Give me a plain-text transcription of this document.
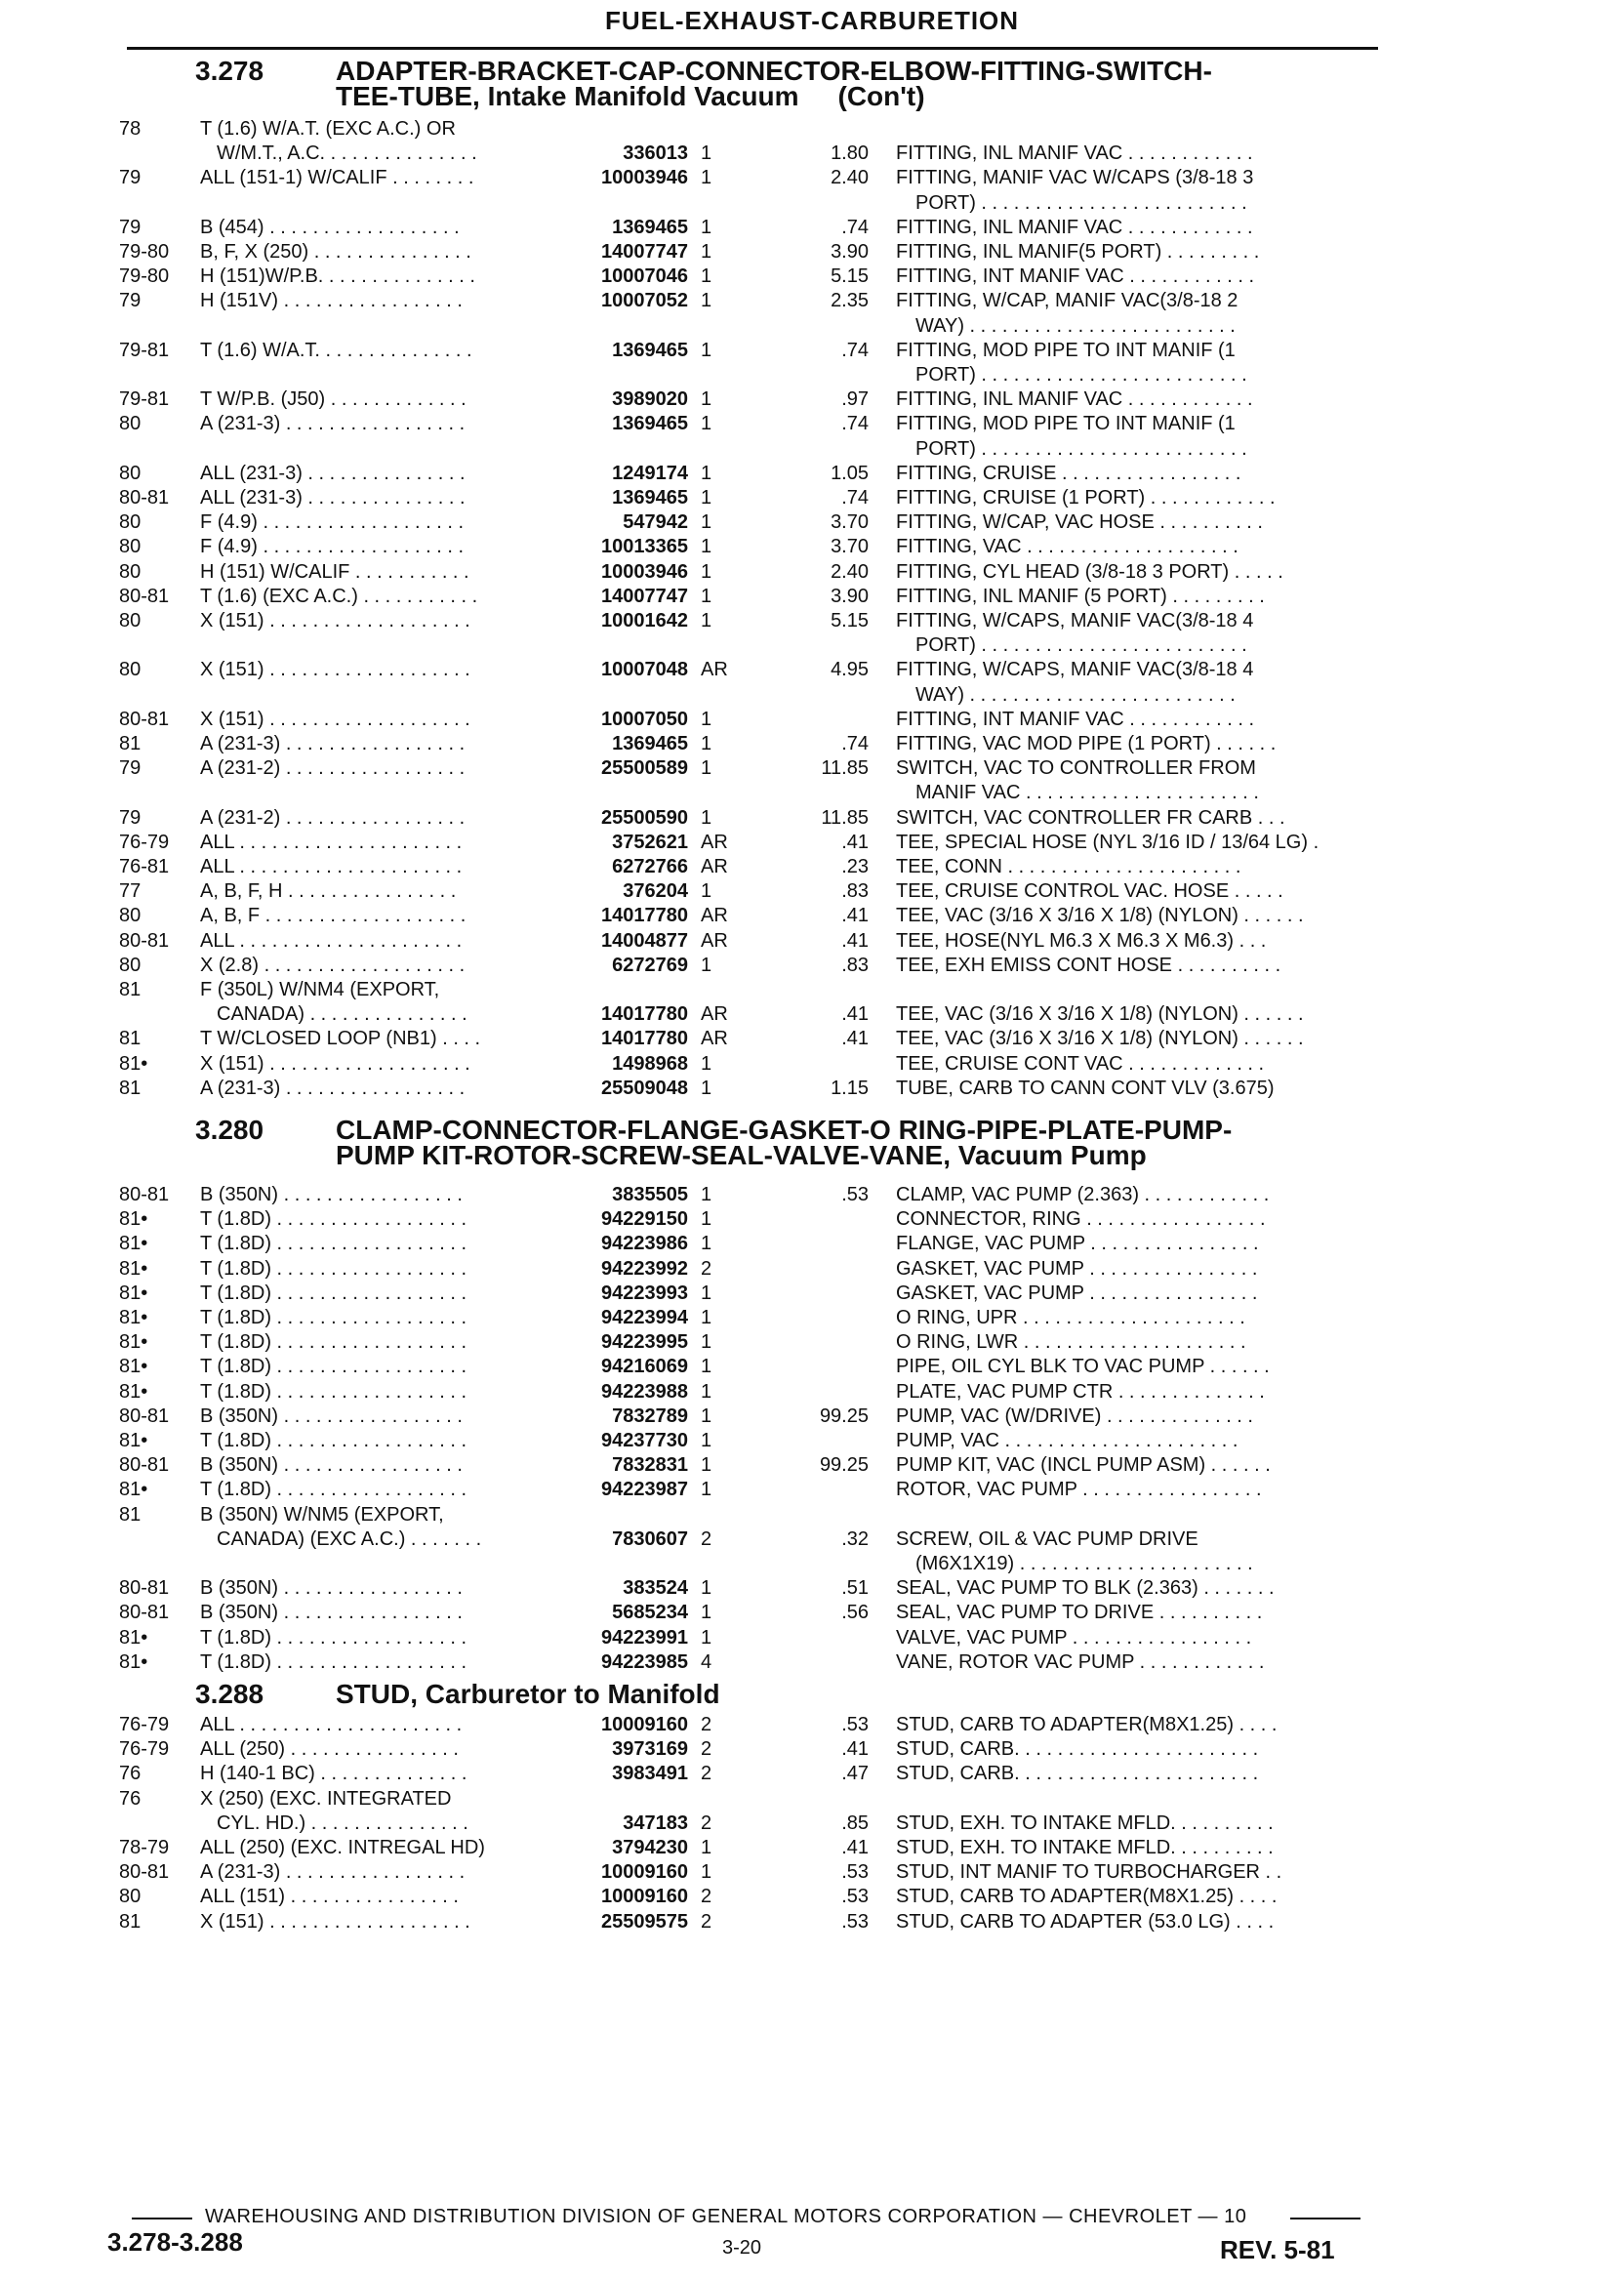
FUEL-EXHAUST-CARBURETION
3.278	ADAPTER-BRACKET-CAP-CONNECTOR-ELBOW-FITTING-SWITCH-
TEE-TUBE, Intake Manifold Vacuum (Con't)
78	T (1.6) W/A.T. (EXC A.C.) OR
W/M.T., A.C. . . . . . . . . . . . . . .	336013 1	1.80 FITTING, INL MANIF VAC . . . . . . . . . . . .
79	ALL (151-1) W/CALIF . . . . . . . .	10003946 1	2.40 FITTING, MANIF VAC W/CAPS (3/8-18 3
PORT) . . . . . . . . . . . . . . . . . . . . . . . . .
79	B (454) . . . . . . . . . . . . . . . . . .	1369465 1	.74 FITTING, INL MANIF VAC . . . . . . . . . . . .
79-80 B, F, X (250) . . . . . . . . . . . . . . .	14007747 1	3.90 FITTING, INL MANIF(5 PORT) . . . . . . . . .
79-80 H (151)W/P.B. . . . . . . . . . . . . . .	10007046 1	5.15 FITTING, INT MANIF VAC . . . . . . . . . . . .
79	H (151V) . . . . . . . . . . . . . . . . .	10007052 1	2.35 FITTING, W/CAP, MANIF VAC(3/8-18 2
WAY) . . . . . . . . . . . . . . . . . . . . . . . . .
79-81 T (1.6) W/A.T. . . . . . . . . . . . . . .	1369465 1	.74 FITTING, MOD PIPE TO INT MANIF (1
PORT) . . . . . . . . . . . . . . . . . . . . . . . . .
79-81 T W/P.B. (J50) . . . . . . . . . . . . .	3989020 1	.97 FITTING, INL MANIF VAC . . . . . . . . . . . .
80	A (231-3) . . . . . . . . . . . . . . . . .	1369465 1	.74 FITTING, MOD PIPE TO INT MANIF (1
PORT) . . . . . . . . . . . . . . . . . . . . . . . . .
80	ALL (231-3) . . . . . . . . . . . . . . .	1249174 1	1.05 FITTING, CRUISE . . . . . . . . . . . . . . . . .
80-81 ALL (231-3) . . . . . . . . . . . . . . .	1369465 1	.74 FITTING, CRUISE (1 PORT) . . . . . . . . . . . .
80	F (4.9) . . . . . . . . . . . . . . . . . . .	547942 1	3.70 FITTING, W/CAP, VAC HOSE . . . . . . . . . .
80	F (4.9) . . . . . . . . . . . . . . . . . . .	10013365 1	3.70 FITTING, VAC . . . . . . . . . . . . . . . . . . . .
80	H (151) W/CALIF . . . . . . . . . . .	10003946 1	2.40 FITTING, CYL HEAD (3/8-18 3 PORT) . . . . .
80-81 T (1.6) (EXC A.C.) . . . . . . . . . . .	14007747 1	3.90 FITTING, INL MANIF (5 PORT) . . . . . . . . .
80	X (151) . . . . . . . . . . . . . . . . . . .	10001642 1	5.15 FITTING, W/CAPS, MANIF VAC(3/8-18 4
PORT) . . . . . . . . . . . . . . . . . . . . . . . . .
80	X (151) . . . . . . . . . . . . . . . . . . .	10007048 AR	4.95 FITTING, W/CAPS, MANIF VAC(3/8-18 4
WAY) . . . . . . . . . . . . . . . . . . . . . . . . .
80-81 X (151) . . . . . . . . . . . . . . . . . . .	10007050 1	FITTING, INT MANIF VAC . . . . . . . . . . . .
81	A (231-3) . . . . . . . . . . . . . . . . .	1369465 1	.74 FITTING, VAC MOD PIPE (1 PORT) . . . . . .
79	A (231-2) . . . . . . . . . . . . . . . . .	25500589 1	11.85 SWITCH, VAC TO CONTROLLER FROM
MANIF VAC . . . . . . . . . . . . . . . . . . . . . .
79	A (231-2) . . . . . . . . . . . . . . . . .	25500590 1	11.85 SWITCH, VAC CONTROLLER FR CARB . . .
76-79 ALL . . . . . . . . . . . . . . . . . . . . .	3752621 AR	.41 TEE, SPECIAL HOSE (NYL 3/16 ID / 13/64 LG) .
76-81 ALL . . . . . . . . . . . . . . . . . . . . .	6272766 AR	.23 TEE, CONN . . . . . . . . . . . . . . . . . . . . . .
77	A, B, F, H . . . . . . . . . . . . . . . .	376204 1	.83 TEE, CRUISE CONTROL VAC. HOSE . . . . .
80	A, B, F . . . . . . . . . . . . . . . . . . .	14017780 AR	.41 TEE, VAC (3/16 X 3/16 X 1/8) (NYLON) . . . . . .
80-81 ALL . . . . . . . . . . . . . . . . . . . . .	14004877 AR	.41 TEE, HOSE(NYL M6.3 X M6.3 X M6.3) . . .
80	X (2.8) . . . . . . . . . . . . . . . . . . .	6272769 1	.83 TEE, EXH EMISS CONT HOSE . . . . . . . . . .
81	F (350L) W/NM4 (EXPORT,
CANADA) . . . . . . . . . . . . . . .	14017780 AR	.41 TEE, VAC (3/16 X 3/16 X 1/8) (NYLON) . . . . . .
81	T W/CLOSED LOOP (NB1) . . . .	14017780 AR	.41 TEE, VAC (3/16 X 3/16 X 1/8) (NYLON) . . . . . .
81•	X (151) . . . . . . . . . . . . . . . . . . .	1498968 1	TEE, CRUISE CONT VAC . . . . . . . . . . . . .
81	A (231-3) . . . . . . . . . . . . . . . . .	25509048 1	1.15 TUBE, CARB TO CANN CONT VLV (3.675)
3.280	CLAMP-CONNECTOR-FLANGE-GASKET-O RING-PIPE-PLATE-PUMP-
PUMP KIT-ROTOR-SCREW-SEAL-VALVE-VANE, Vacuum Pump
80-81 B (350N) . . . . . . . . . . . . . . . . .	3835505 1	.53 CLAMP, VAC PUMP (2.363) . . . . . . . . . . . .
81•	T (1.8D) . . . . . . . . . . . . . . . . . .	94229150 1	CONNECTOR, RING . . . . . . . . . . . . . . . . .
81•	T (1.8D) . . . . . . . . . . . . . . . . . .	94223986 1	FLANGE, VAC PUMP . . . . . . . . . . . . . . . .
81•	T (1.8D) . . . . . . . . . . . . . . . . . .	94223992 2	GASKET, VAC PUMP . . . . . . . . . . . . . . . .
81•	T (1.8D) . . . . . . . . . . . . . . . . . .	94223993 1	GASKET, VAC PUMP . . . . . . . . . . . . . . . .
81•	T (1.8D) . . . . . . . . . . . . . . . . . .	94223994 1	O RING, UPR . . . . . . . . . . . . . . . . . . . . .
81•	T (1.8D) . . . . . . . . . . . . . . . . . .	94223995 1	O RING, LWR . . . . . . . . . . . . . . . . . . . . .
81•	T (1.8D) . . . . . . . . . . . . . . . . . .	94216069 1	PIPE, OIL CYL BLK TO VAC PUMP . . . . . .
81•	T (1.8D) . . . . . . . . . . . . . . . . . .	94223988 1	PLATE, VAC PUMP CTR . . . . . . . . . . . . . .
80-81 B (350N) . . . . . . . . . . . . . . . . .	7832789 1	99.25 PUMP, VAC (W/DRIVE) . . . . . . . . . . . . . .
81•	T (1.8D) . . . . . . . . . . . . . . . . . .	94237730 1	PUMP, VAC . . . . . . . . . . . . . . . . . . . . . .
80-81 B (350N) . . . . . . . . . . . . . . . . .	7832831 1	99.25 PUMP KIT, VAC (INCL PUMP ASM) . . . . . .
81•	T (1.8D) . . . . . . . . . . . . . . . . . .	94223987 1	ROTOR, VAC PUMP . . . . . . . . . . . . . . . . .
81	B (350N) W/NM5 (EXPORT,
CANADA) (EXC A.C.) . . . . . . .	7830607 2	.32 SCREW, OIL & VAC PUMP DRIVE
(M6X1X19) . . . . . . . . . . . . . . . . . . . . . .
80-81 B (350N) . . . . . . . . . . . . . . . . .	383524 1	.51 SEAL, VAC PUMP TO BLK (2.363) . . . . . . .
80-81 B (350N) . . . . . . . . . . . . . . . . .	5685234 1	.56 SEAL, VAC PUMP TO DRIVE . . . . . . . . . .
81•	T (1.8D) . . . . . . . . . . . . . . . . . .	94223991 1	VALVE, VAC PUMP . . . . . . . . . . . . . . . . .
81•	T (1.8D) . . . . . . . . . . . . . . . . . .	94223985 4	VANE, ROTOR VAC PUMP . . . . . . . . . . . .
3.288	STUD, Carburetor to Manifold
76-79 ALL . . . . . . . . . . . . . . . . . . . . .	10009160 2	.53 STUD, CARB TO ADAPTER(M8X1.25) . . . .
76-79 ALL (250) . . . . . . . . . . . . . . . .	3973169 2	.41 STUD, CARB. . . . . . . . . . . . . . . . . . . . . . .
76	H (140-1 BC) . . . . . . . . . . . . . .	3983491 2	.47 STUD, CARB. . . . . . . . . . . . . . . . . . . . . . .
76	X (250) (EXC. INTEGRATED
CYL. HD.) . . . . . . . . . . . . . . .	347183 2	.85 STUD, EXH. TO INTAKE MFLD. . . . . . . . . .
78-79 ALL (250) (EXC. INTREGAL HD)	3794230 1	.41 STUD, EXH. TO INTAKE MFLD. . . . . . . . . .
80-81 A (231-3) . . . . . . . . . . . . . . . . .	10009160 1	.53 STUD, INT MANIF TO TURBOCHARGER . .
80	ALL (151) . . . . . . . . . . . . . . . .	10009160 2	.53 STUD, CARB TO ADAPTER(M8X1.25) . . . .
81	X (151) . . . . . . . . . . . . . . . . . . .	25509575 2	.53 STUD, CARB TO ADAPTER (53.0 LG) . . . .
WAREHOUSING AND DISTRIBUTION DIVISION OF GENERAL MOTORS CORPORATION — CHEVROLET — 10
3.278-3.288	3-20	REV. 5-81
